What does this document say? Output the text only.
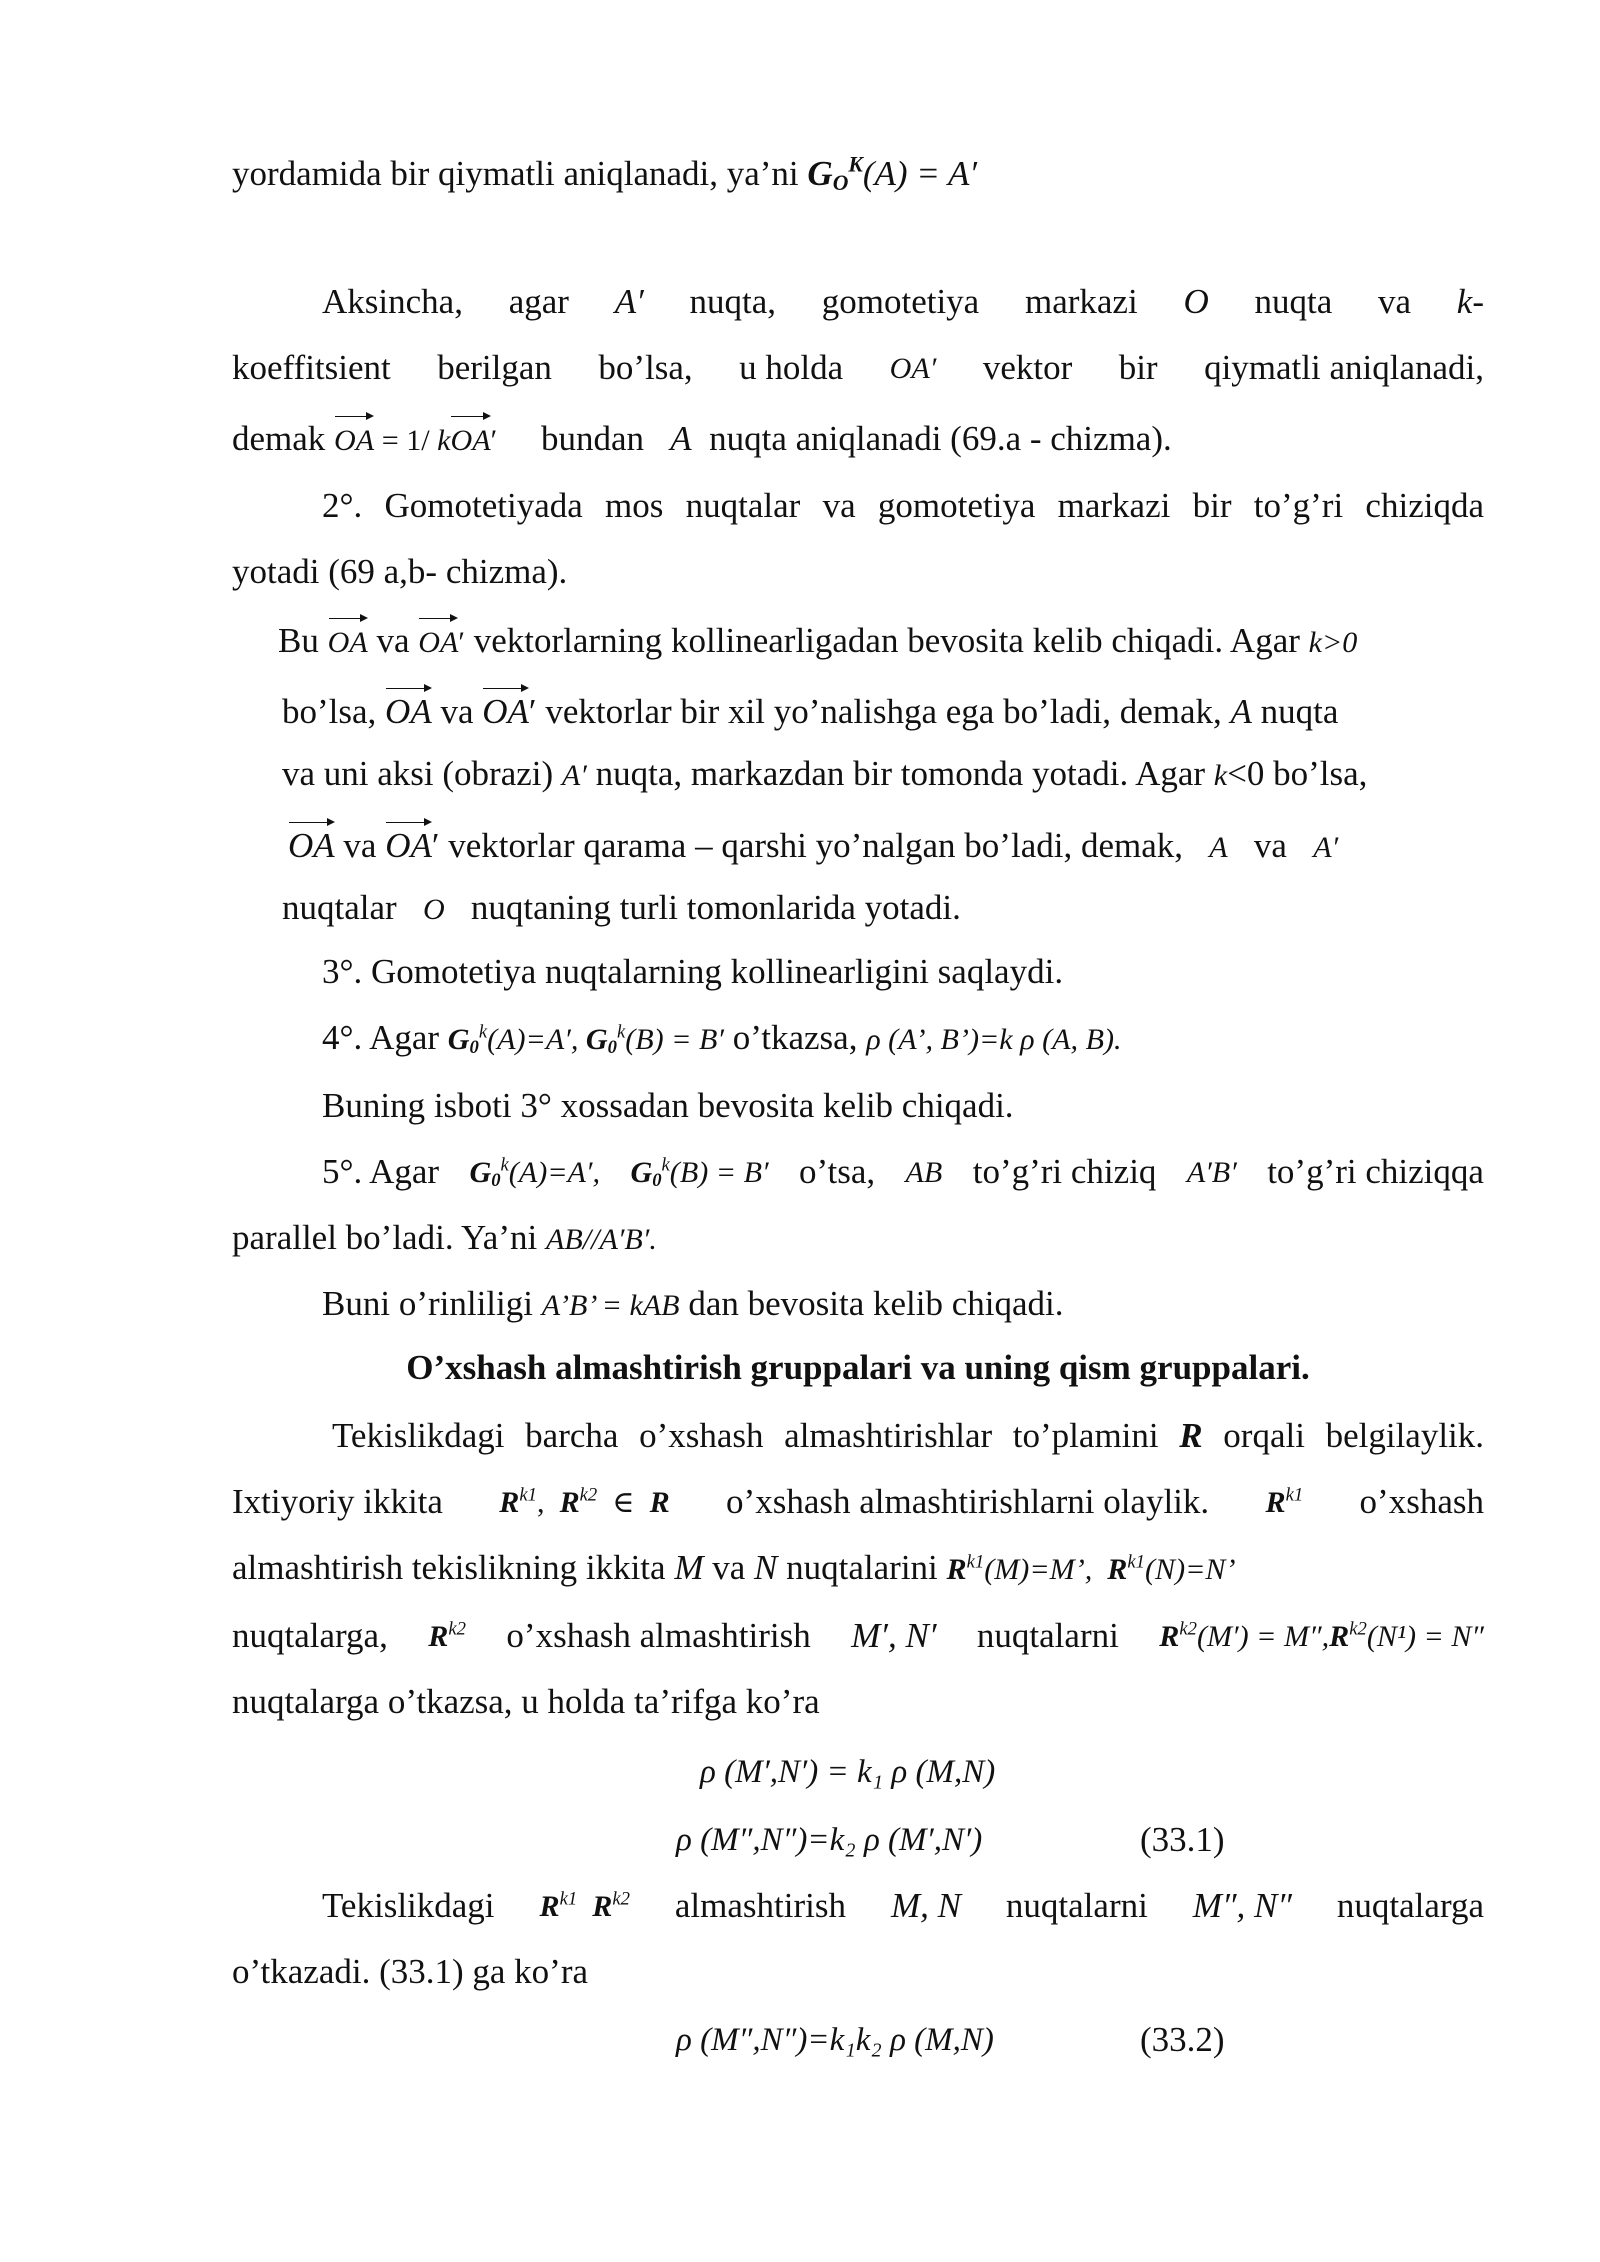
yordamida bir qiymatli aniqlanadi, ya’ni $G_O^K(A) = A'$
Aksincha, agar A′ nuqta, gomotetiya markazi O nuqta va k-
koeffitsient berilgan bo’lsa, u holda OA′ vektor bir qiymatli aniqlanadi,
demak OA = 1/ kOA′ bundan A nuqta aniqlanadi (69.a - chizma).
2°. Gomotetiyada mos nuqtalar va gomotetiya markazi bir to’g’ri chiziqda
yotadi (69 a,b- chizma).
Bu OA va OA′ vektorlarning kollinearligadan bevosita kelib chiqadi. Agar k>0
bo’lsa, OA va OA′ vektorlar bir xil yo’nalishga ega bo’ladi, demak, A nuqta
va uni aksi (obrazi) A′ nuqta, markazdan bir tomonda yotadi. Agar k<0 bo’lsa,
OA va OA′ vektorlar qarama – qarshi yo’nalgan bo’ladi, demak, A va A′
nuqtalar O nuqtaning turli tomonlarida yotadi.
3°. Gomotetiya nuqtalarning kollinearligini saqlaydi.
4°. Agar $G_0^k(A)=A'$, $G_0^k(B) = B'$ o’tkazsa, ρ (A’, B’)=k ρ (A, B).
Buning isboti 3° xossadan bevosita kelib chiqadi.
5°. Agar $G_0^k(A)=A'$, $G_0^k(B) = B'$ o’tsa, AB to’g’ri chiziq A′B′ to’g’ri chiziqqa
parallel bo’ladi. Ya’ni AB//A′B′.
Buni o’rinliligi A’B’ = kAB dan bevosita kelib chiqadi.
O’xshash almashtirish gruppalari va uning qism gruppalari.
Tekislikdagi barcha o’xshash almashtirishlar to’plamini R orqali belgilaylik.
Ixtiyoriy ikkita $R^{k1}$,  $R^{k2}$  ∈  R o’xshash almashtirishlarni olaylik. $R^{k1}$ o’xshash
almashtirish tekislikning ikkita M va N nuqtalarini $R^{k1}(M)=M$’, $R^{k1}(N)=N$’
nuqtalarga, $R^{k2}$ o’xshash almashtirish M′, N′ nuqtalarni $R^{k2}(M') = M'',R^{k2}(N^1) = N''$
nuqtalarga o’tkazsa, u holda ta’rifga ko’ra
ρ (M′,N′) = k₁ ρ (M,N)
ρ (M″,N″)=k₂ ρ (M′,N′)	(33.1)
Tekislikdagi $R^{k1}$ $R^{k2}$ almashtirish M, N nuqtalarni M″, N″ nuqtalarga
o’tkazadi. (33.1) ga ko’ra
ρ (M″,N″)=k₁k₂ ρ (M,N)	(33.2)
